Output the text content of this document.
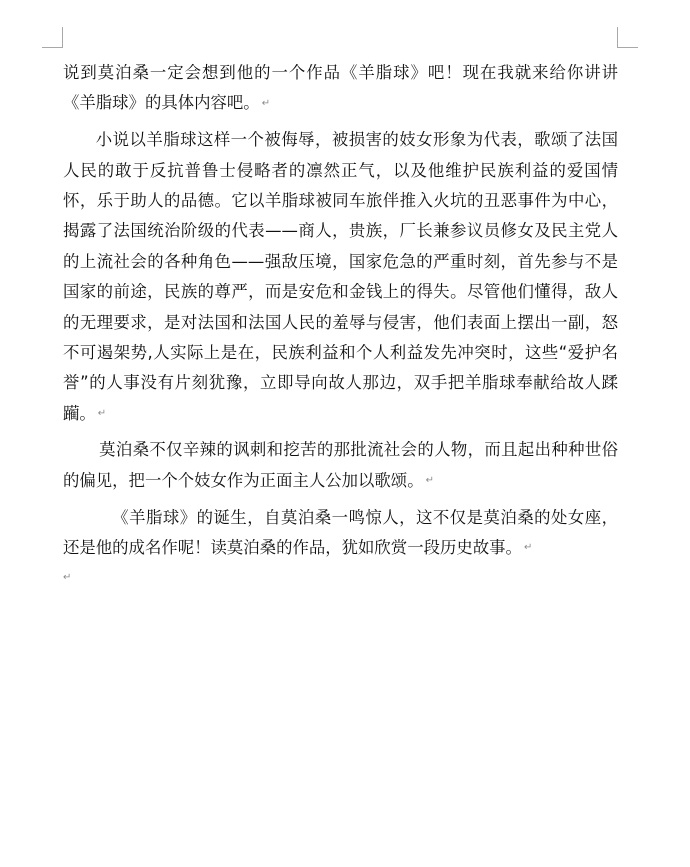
说到莫泊桑一定会想到他的一个作品《羊脂球》吧！现在我就来给你讲讲《羊脂球》的具体内容吧。 ↵

小说以羊脂球这样一个被侮辱，被损害的妓女形象为代表，歌颂了法国人民的敢于反抗普鲁士侵略者的凛然正气，以及他维护民族利益的爱国情怀，乐于助人的品德。它以羊脂球被同车旅伴推入火坑的丑恶事件为中心，揭露了法国统治阶级的代表——商人，贵族，厂长兼参议员修女及民主党人的上流社会的各种角色——强敌压境，国家危急的严重时刻，首先参与不是国家的前途，民族的尊严，而是安危和金钱上的得失。尽管他们懂得，敌人的无理要求，是对法国和法国人民的羞辱与侵害，他们表面上摆出一副，怒不可遏架势,人实际上是在，民族利益和个人利益发先冲突时，这些“爱护名誉”的人事没有片刻犹豫，立即导向故人那边，双手把羊脂球奉献给故人蹂躏。 ↵

莫泊桑不仅辛辣的讽刺和挖苦的那批流社会的人物，而且起出种种世俗的偏见，把一个个妓女作为正面主人公加以歌颂。 ↵

《羊脂球》的诞生，自莫泊桑一鸣惊人，这不仅是莫泊桑的处女座，还是他的成名作呢！读莫泊桑的作品，犹如欣赏一段历史故事。 ↵

↵
